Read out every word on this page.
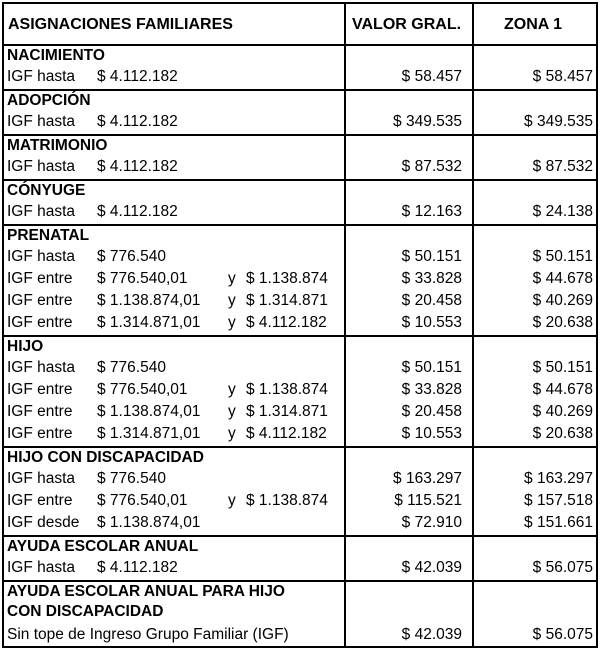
ASIGNACIONES FAMILIARES	VALOR GRAL.	ZONA 1
NACIMIENTO
IGF hasta $ 4.112.182	$ 58.457	$ 58.457
ADOPCIÓN
IGF hasta $ 4.112.182	$ 349.535	$ 349.535
MATRIMONIO
IGF hasta $ 4.112.182	$ 87.532	$ 87.532
CÓNYUGE
IGF hasta $ 4.112.182	$ 12.163	$ 24.138
PRENATAL
IGF hasta $ 776.540	$ 50.151	$ 50.151
IGF entre $ 776.540,01	y $ 1.138.874	$ 33.828	$ 44.678
IGF entre $ 1.138.874,01 y $ 1.314.871	$ 20.458	$ 40.269
IGF entre $ 1.314.871,01 y $ 4.112.182	$ 10.553	$ 20.638
HIJO
IGF hasta $ 776.540	$ 50.151	$ 50.151
IGF entre $ 776.540,01	y $ 1.138.874	$ 33.828	$ 44.678
IGF entre $ 1.138.874,01 y $ 1.314.871	$ 20.458	$ 40.269
IGF entre $ 1.314.871,01 y $ 4.112.182	$ 10.553	$ 20.638
HIJO CON DISCAPACIDAD
IGF hasta $ 776.540	$ 163.297	$ 163.297
IGF entre $ 776.540,01	y $ 1.138.874	$ 115.521	$ 157.518
IGF desde $ 1.138.874,01	$ 72.910	$ 151.661
AYUDA ESCOLAR ANUAL
IGF hasta $ 4.112.182	$ 42.039	$ 56.075
AYUDA ESCOLAR ANUAL PARA HIJO
CON DISCAPACIDAD
Sin tope de Ingreso Grupo Familiar (IGF)	$ 42.039	$ 56.075
